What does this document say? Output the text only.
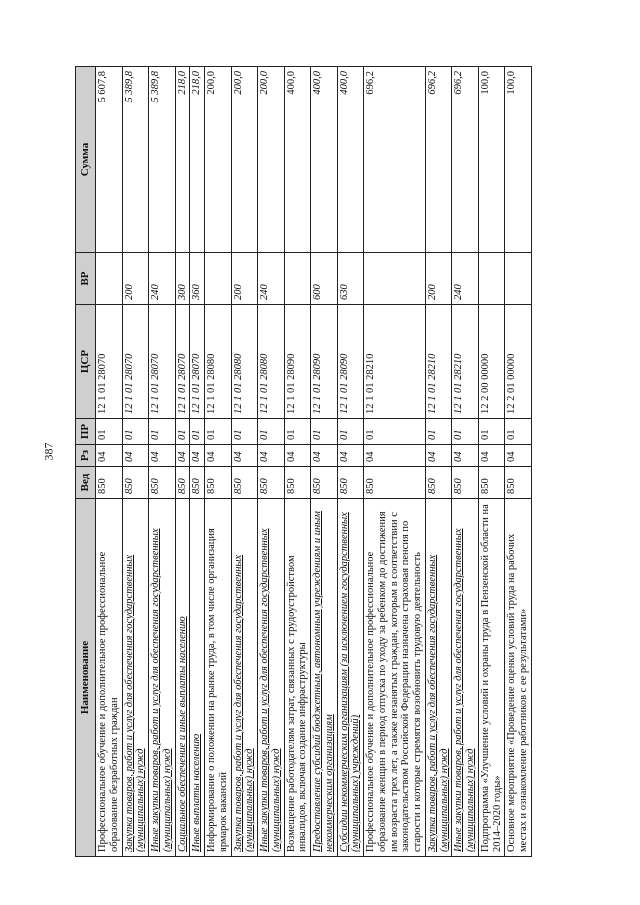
387
Наименование	Вед	Рз	ПР	ЦСР	ВР	Сумма
Профессиональное обучение и дополнительное профессиональное образование безработных граждан	850	04	01	12 1 01 28070		5 607,8
Закупка товаров, работ и услуг для обеспечения государственных (муниципальных) нужд	850	04	01	12 1 01 28070	200	5 389,8
Иные закупки товаров, работ и услуг для обеспечения государственных (муниципальных) нужд	850	04	01	12 1 01 28070	240	5 389,8
Социальное обеспечение и иные выплаты населению	850	04	01	12 1 01 28070	300	218,0
Иные выплаты населению	850	04	01	12 1 01 28070	360	218,0
Информирование о положении на рынке труда, в том числе организация ярмарок вакансий	850	04	01	12 1 01 28080		200,0
Закупка товаров, работ и услуг для обеспечения государственных (муниципальных) нужд	850	04	01	12 1 01 28080	200	200,0
Иные закупки товаров, работ и услуг для обеспечения государственных (муниципальных) нужд	850	04	01	12 1 01 28080	240	200,0
Возмещение работодателям затрат, связанных с трудоустройством инвалидов, включая создание инфраструктуры	850	04	01	12 1 01 28090		400,0
Предоставление субсидий бюджетным, автономным учреждениям и иным некоммерческим организациям	850	04	01	12 1 01 28090	600	400,0
Субсидии некоммерческим организациям (за исключением государственных (муниципальных) учреждений)	850	04	01	12 1 01 28090	630	400,0
Профессиональное обучение и дополнительное профессиональное образование женщин в период отпуска по уходу за ребенком до достижения им возраста трех лет, а также незанятых граждан, которым в соответствии с законодательством Российской Федерации назначена страховая пенсия по старости и которые стремятся возобновить трудовую деятельность	850	04	01	12 1 01 28210		696,2
Закупка товаров, работ и услуг для обеспечения государственных (муниципальных) нужд	850	04	01	12 1 01 28210	200	696,2
Иные закупки товаров, работ и услуг для обеспечения государственных (муниципальных) нужд	850	04	01	12 1 01 28210	240	696,2
Подпрограмма «Улучшение условий и охраны труда в Пензенской области на 2014–2020 годы»	850	04	01	12 2 00 00000		100,0
Основное мероприятие «Проведение оценки условий труда на рабочих местах и ознакомление работников с ее результатами»	850	04	01	12 2 01 00000		100,0
